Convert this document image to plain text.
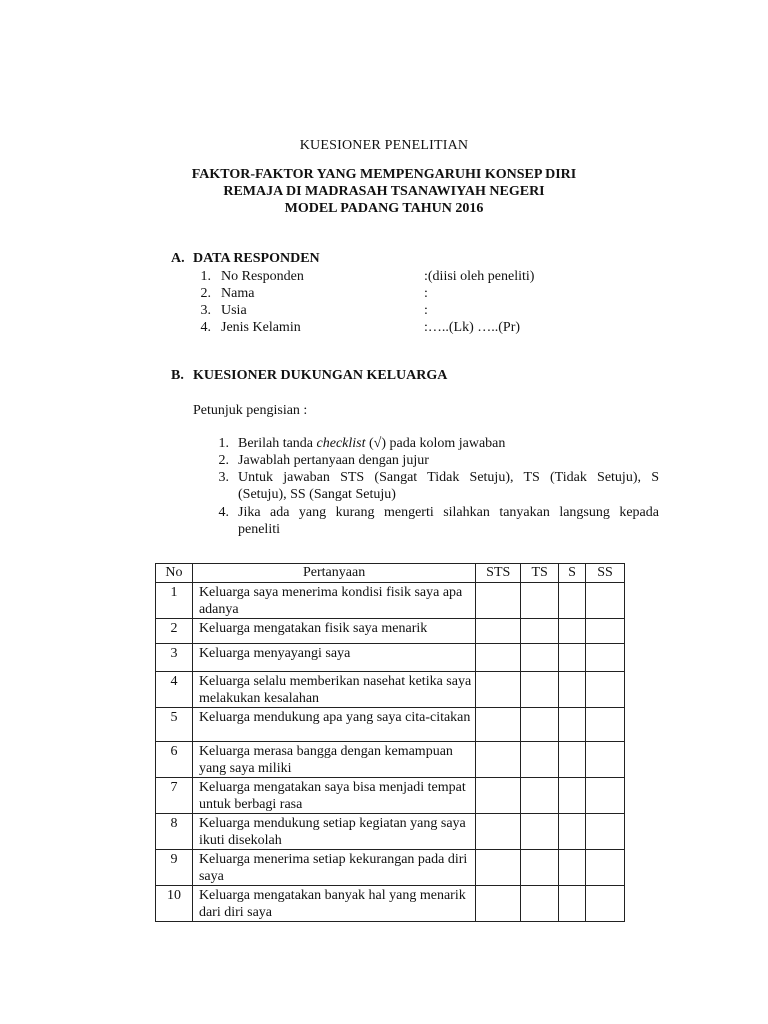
KUESIONER PENELITIAN
FAKTOR-FAKTOR YANG MEMPENGARUHI KONSEP DIRI
REMAJA DI MADRASAH TSANAWIYAH NEGERI
MODEL PADANG TAHUN 2016
A. DATA RESPONDEN
1. No Responden	:(diisi oleh peneliti)
2. Nama	:
3. Usia	:
4. Jenis Kelamin	:…..(Lk) …..(Pr)
B. KUESIONER DUKUNGAN KELUARGA
Petunjuk pengisian :
1. Berilah tanda checklist (√) pada kolom jawaban
2. Jawablah pertanyaan dengan jujur
3. Untuk jawaban STS (Sangat Tidak Setuju), TS (Tidak Setuju), S
(Setuju), SS (Sangat Setuju)
4. Jika ada yang kurang mengerti silahkan tanyakan langsung kepada
peneliti
No	Pertanyaan	STS	TS	S	SS
1	Keluarga saya menerima kondisi fisik saya apa adanya				
2	Keluarga mengatakan fisik saya menarik				
3	Keluarga menyayangi saya				
4	Keluarga selalu memberikan nasehat ketika saya melakukan kesalahan				
5	Keluarga mendukung apa yang saya cita-citakan				
6	Keluarga merasa bangga dengan kemampuan yang saya miliki				
7	Keluarga mengatakan saya bisa menjadi tempat untuk berbagi rasa				
8	Keluarga mendukung setiap kegiatan yang saya ikuti disekolah				
9	Keluarga menerima setiap kekurangan pada diri saya				
10	Keluarga mengatakan banyak hal yang menarik dari diri saya				
